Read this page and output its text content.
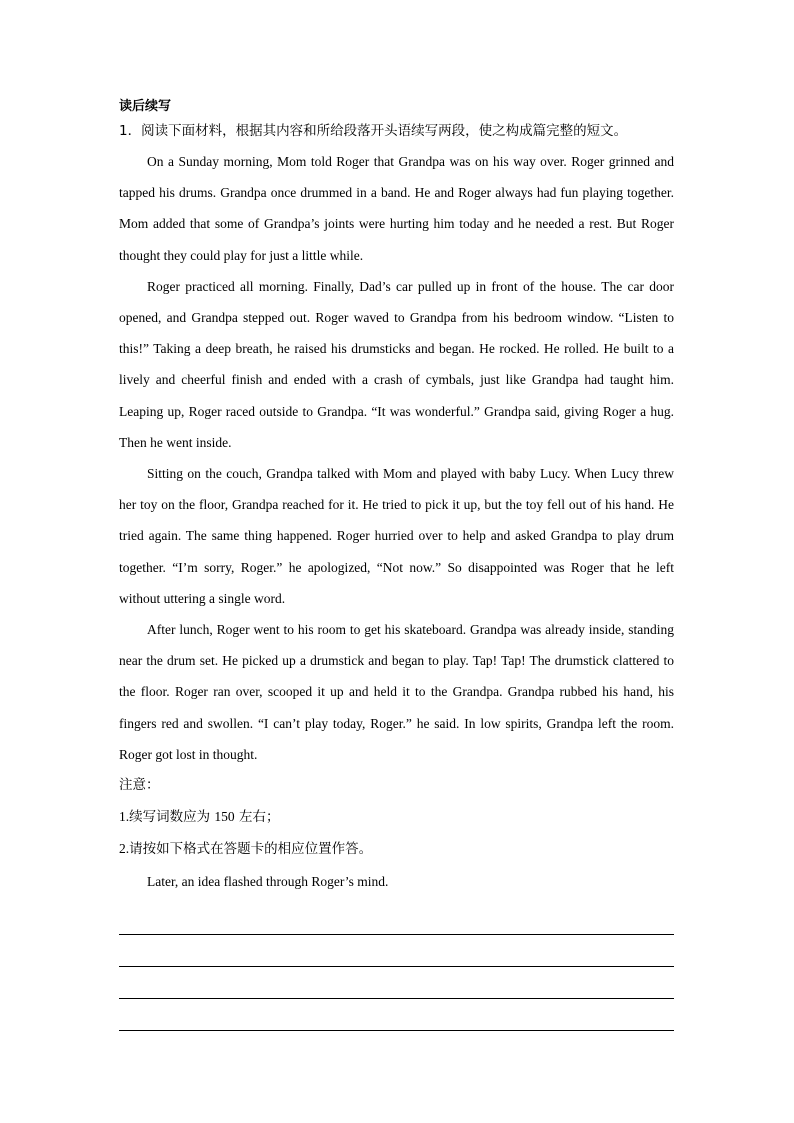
读后续写
1．阅读下面材料，根据其内容和所给段落开头语续写两段，使之构成篇完整的短文。

On a Sunday morning, Mom told Roger that Grandpa was on his way over. Roger grinned and tapped his drums. Grandpa once drummed in a band. He and Roger always had fun playing together. Mom added that some of Grandpa’s joints were hurting him today and he needed a rest. But Roger thought they could play for just a little while.

Roger practiced all morning. Finally, Dad’s car pulled up in front of the house. The car door opened, and Grandpa stepped out. Roger waved to Grandpa from his bedroom window. “Listen to this!” Taking a deep breath, he raised his drumsticks and began. He rocked. He rolled. He built to a lively and cheerful finish and ended with a crash of cymbals, just like Grandpa had taught him. Leaping up, Roger raced outside to Grandpa. “It was wonderful.” Grandpa said, giving Roger a hug. Then he went inside.

Sitting on the couch, Grandpa talked with Mom and played with baby Lucy. When Lucy threw her toy on the floor, Grandpa reached for it. He tried to pick it up, but the toy fell out of his hand. He tried again. The same thing happened. Roger hurried over to help and asked Grandpa to play drum together. “I’m sorry, Roger.” he apologized, “Not now.” So disappointed was Roger that he left without uttering a single word.

After lunch, Roger went to his room to get his skateboard. Grandpa was already inside, standing near the drum set. He picked up a drumstick and began to play. Tap! Tap! The drumstick clattered to the floor. Roger ran over, scooped it up and held it to the Grandpa. Grandpa rubbed his hand, his fingers red and swollen. “I can’t play today, Roger.” he said. In low spirits, Grandpa left the room. Roger got lost in thought.

注意：
1.续写词数应为 150 左右；
2.请按如下格式在答题卡的相应位置作答。

Later, an idea flashed through Roger’s mind.
